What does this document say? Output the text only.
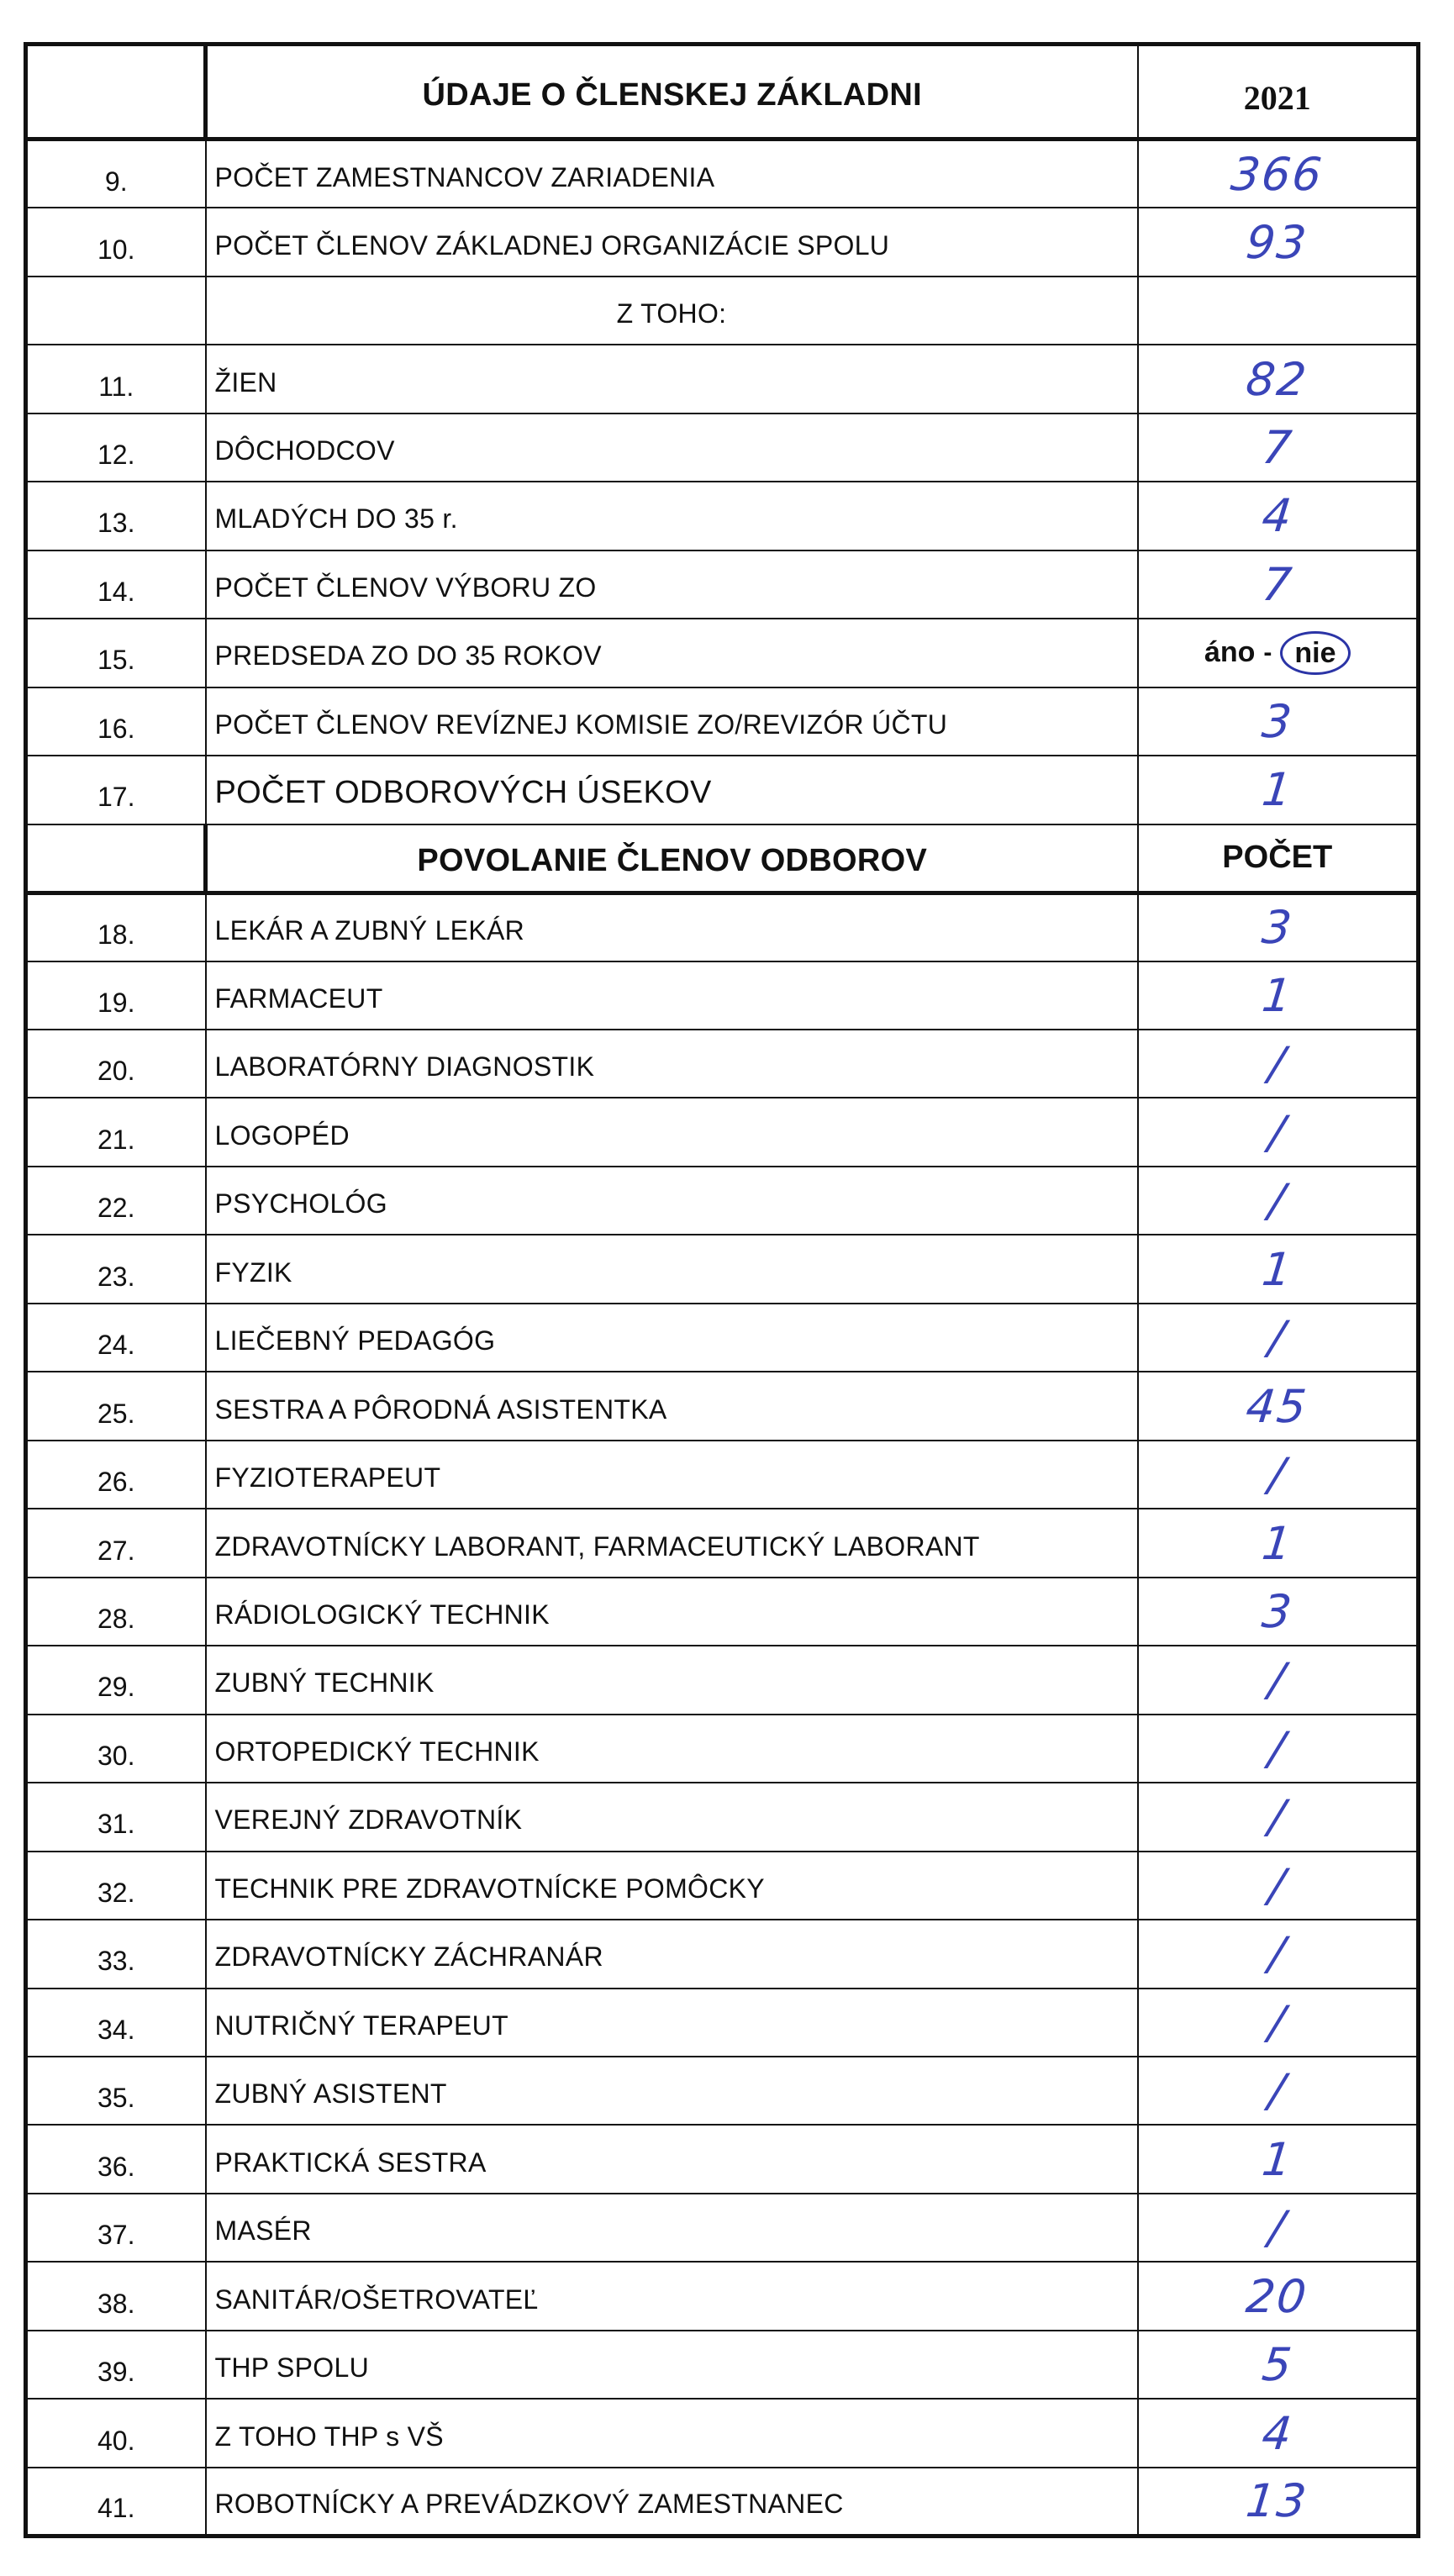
	ÚDAJE O ČLENSKEJ ZÁKLADNI	2021
9.	POČET ZAMESTNANCOV ZARIADENIA	366
10.	POČET ČLENOV ZÁKLADNEJ ORGANIZÁCIE SPOLU	93
	Z TOHO:	
11.	ŽIEN	82
12.	DÔCHODCOV	7
13.	MLADÝCH DO 35 r.	4
14.	POČET ČLENOV VÝBORU ZO	7
15.	PREDSEDA ZO DO 35 ROKOV	áno - nie

16.	POČET ČLENOV REVÍZNEJ KOMISIE ZO/REVIZÓR ÚČTU	3
17.	POČET ODBOROVÝCH ÚSEKOV	1
	POVOLANIE ČLENOV ODBOROV	POČET
18.	LEKÁR A ZUBNÝ LEKÁR	3
19.	FARMACEUT	1
20.	LABORATÓRNY DIAGNOSTIK	/
21.	LOGOPÉD	/
22.	PSYCHOLÓG	/
23.	FYZIK	1
24.	LIEČEBNÝ PEDAGÓG	/
25.	SESTRA A PÔRODNÁ ASISTENTKA	45
26.	FYZIOTERAPEUT	/
27.	ZDRAVOTNÍCKY LABORANT, FARMACEUTICKÝ LABORANT	1
28.	RÁDIOLOGICKÝ TECHNIK	3
29.	ZUBNÝ TECHNIK	/
30.	ORTOPEDICKÝ TECHNIK	/
31.	VEREJNÝ ZDRAVOTNÍK	/
32.	TECHNIK PRE ZDRAVOTNÍCKE POMÔCKY	/
33.	ZDRAVOTNÍCKY ZÁCHRANÁR	/
34.	NUTRIČNÝ TERAPEUT	/
35.	ZUBNÝ ASISTENT	/
36.	PRAKTICKÁ SESTRA	1
37.	MASÉR	/
38.	SANITÁR/OŠETROVATEĽ	20
39.	THP SPOLU	5
40.	Z TOHO THP s VŠ	4
41.	ROBOTNÍCKY A PREVÁDZKOVÝ ZAMESTNANEC	13
